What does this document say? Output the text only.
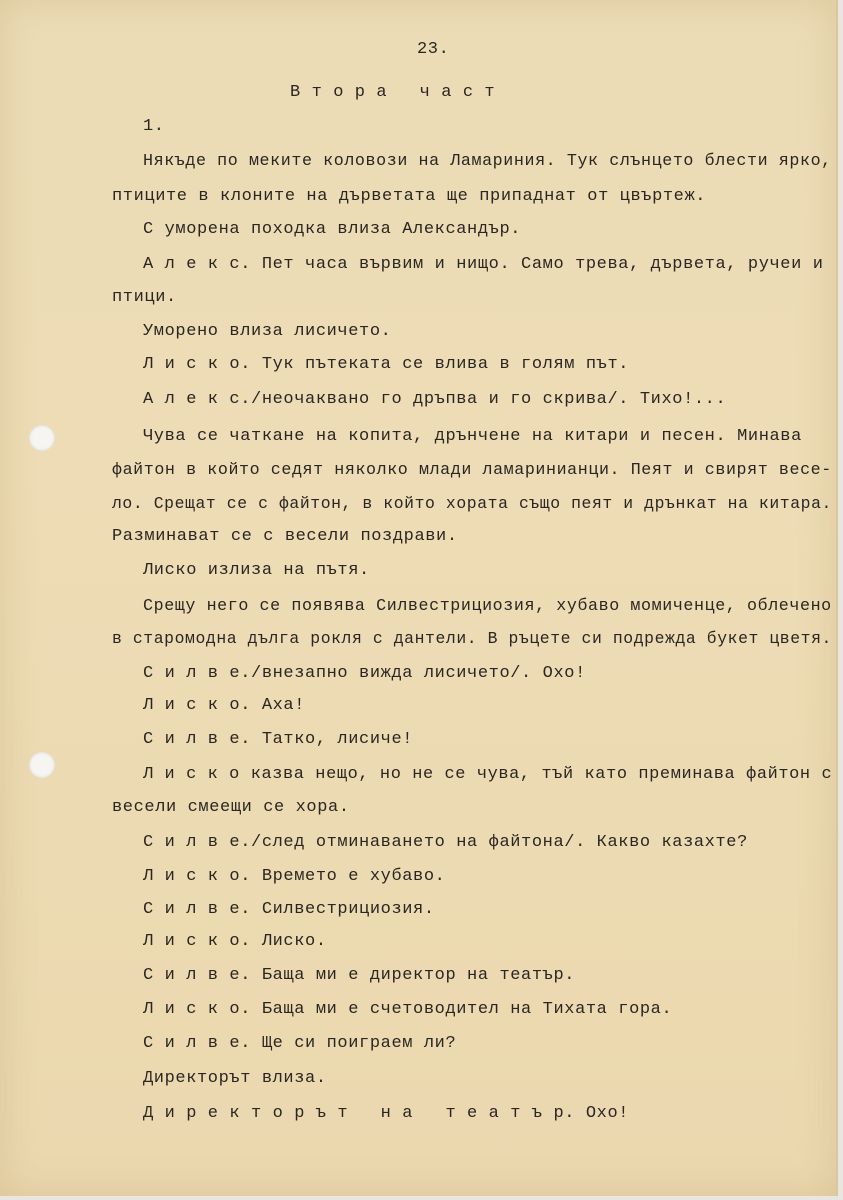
23.
В т о р а   ч а с т
1.
Някъде по меките коловози на Ламариния. Тук слънцето блести ярко,
птиците в клоните на дърветата ще припаднат от цвъртеж.
С уморена походка влиза Александър.
А л е к с. Пет часа вървим и нищо. Само трева, дървета, ручеи и
птици.
Уморено влиза лисичето.
Л и с к о. Тук пътеката се влива в голям път.
А л е к с./неочаквано го дръпва и го скрива/. Тихо!...
Чува се чаткане на копита, дрънчене на китари и песен. Минава
файтон в който седят няколко млади ламаринианци. Пеят и свирят весе-
ло. Срещат се с файтон, в който хората също пеят и дрънкат на китара.
Разминават се с весели поздрави.
Лиско излиза на пътя.
Срещу него се появява Силвестрициозия, хубаво момиченце, облечено
в старомодна дълга рокля с дантели. В ръцете си подрежда букет цветя.
С и л в е./внезапно вижда лисичето/. Охо!
Л и с к о. Аха!
С и л в е. Татко, лисиче!
Л и с к о казва нещо, но не се чува, тъй като преминава файтон с
весели смеещи се хора.
С и л в е./след отминаването на файтона/. Какво казахте?
Л и с к о. Времето е хубаво.
С и л в е. Силвестрициозия.
Л и с к о. Лиско.
С и л в е. Баща ми е директор на театър.
Л и с к о. Баща ми е счетоводител на Тихата гора.
С и л в е. Ще си поиграем ли?
Директорът влиза.
Д и р е к т о р ъ т   н а   т е а т ъ р. Охо!
